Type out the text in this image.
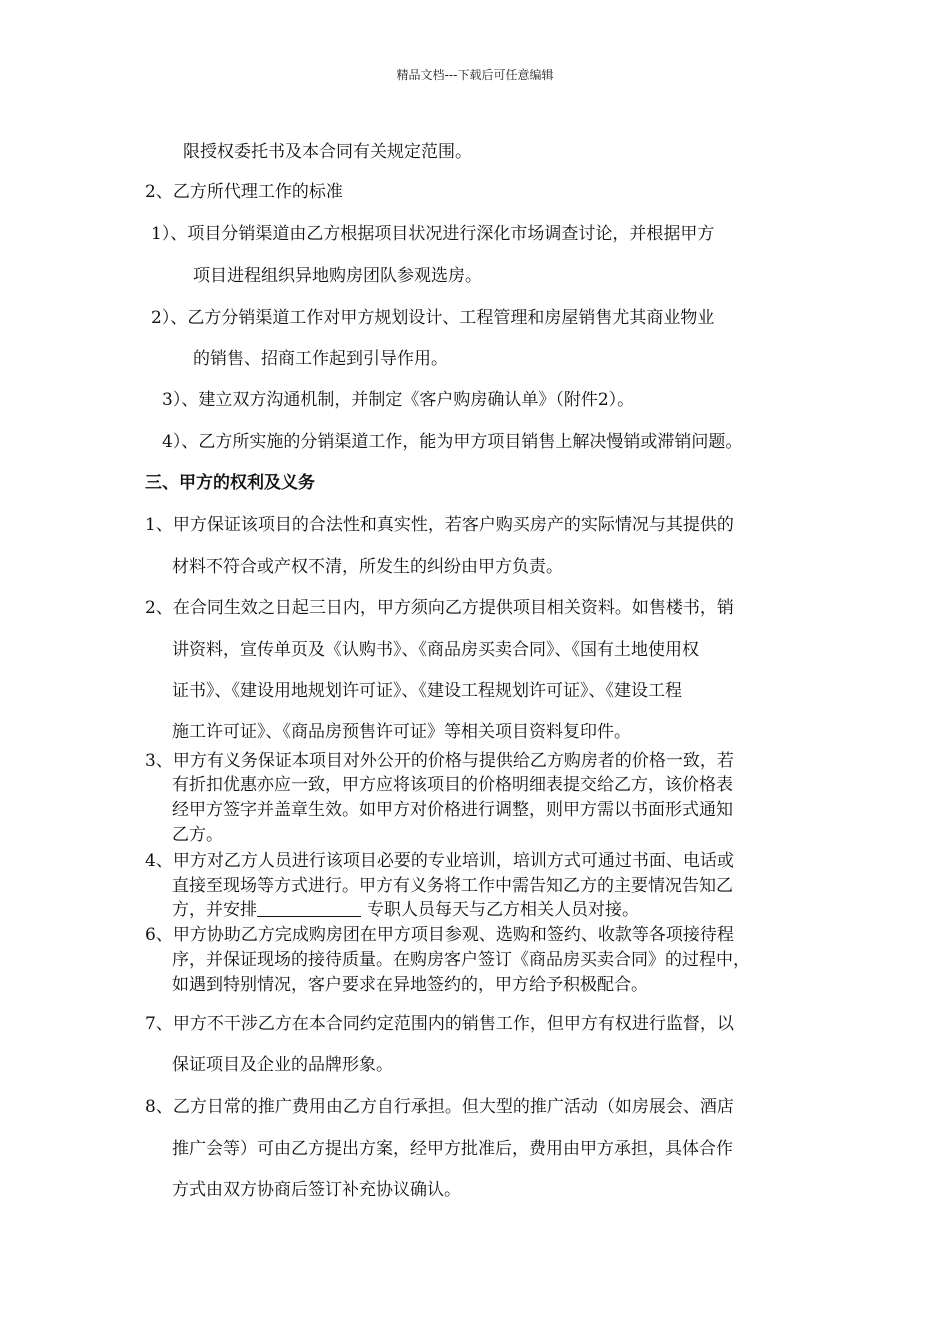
精品文档---下载后可任意编辑
限授权委托书及本合同有关规定范围。
2、乙方所代理工作的标准
1）、项目分销渠道由乙方根据项目状况进行深化市场调查讨论，并根据甲方
项目进程组织异地购房团队参观选房。
2）、乙方分销渠道工作对甲方规划设计、工程管理和房屋销售尤其商业物业
的销售、招商工作起到引导作用。
3）、建立双方沟通机制，并制定《客户购房确认单》（附件2）。
4）、乙方所实施的分销渠道工作，能为甲方项目销售上解决慢销或滞销问题。
三、甲方的权利及义务
1、甲方保证该项目的合法性和真实性，若客户购买房产的实际情况与其提供的
材料不符合或产权不清，所发生的纠纷由甲方负责。
2、在合同生效之日起三日内，甲方须向乙方提供项目相关资料。如售楼书，销
讲资料，宣传单页及《认购书》、《商品房买卖合同》、《国有土地使用权
证书》、《建设用地规划许可证》、《建设工程规划许可证》、《建设工程
施工许可证》、《商品房预售许可证》等相关项目资料复印件。
3、甲方有义务保证本项目对外公开的价格与提供给乙方购房者的价格一致，若
有折扣优惠亦应一致，甲方应将该项目的价格明细表提交给乙方，该价格表
经甲方签字并盖章生效。如甲方对价格进行调整，则甲方需以书面形式通知
乙方。
4、甲方对乙方人员进行该项目必要的专业培训，培训方式可通过书面、电话或
直接至现场等方式进行。甲方有义务将工作中需告知乙方的主要情况告知乙
方，并安排	专职人员每天与乙方相关人员对接。
6、甲方协助乙方完成购房团在甲方项目参观、选购和签约、收款等各项接待程
序，并保证现场的接待质量。在购房客户签订《商品房买卖合同》的过程中，
如遇到特别情况，客户要求在异地签约的，甲方给予积极配合。
7、甲方不干涉乙方在本合同约定范围内的销售工作，但甲方有权进行监督，以
保证项目及企业的品牌形象。
8、乙方日常的推广费用由乙方自行承担。但大型的推广活动（如房展会、酒店
推广会等）可由乙方提出方案，经甲方批准后，费用由甲方承担，具体合作
方式由双方协商后签订补充协议确认。
